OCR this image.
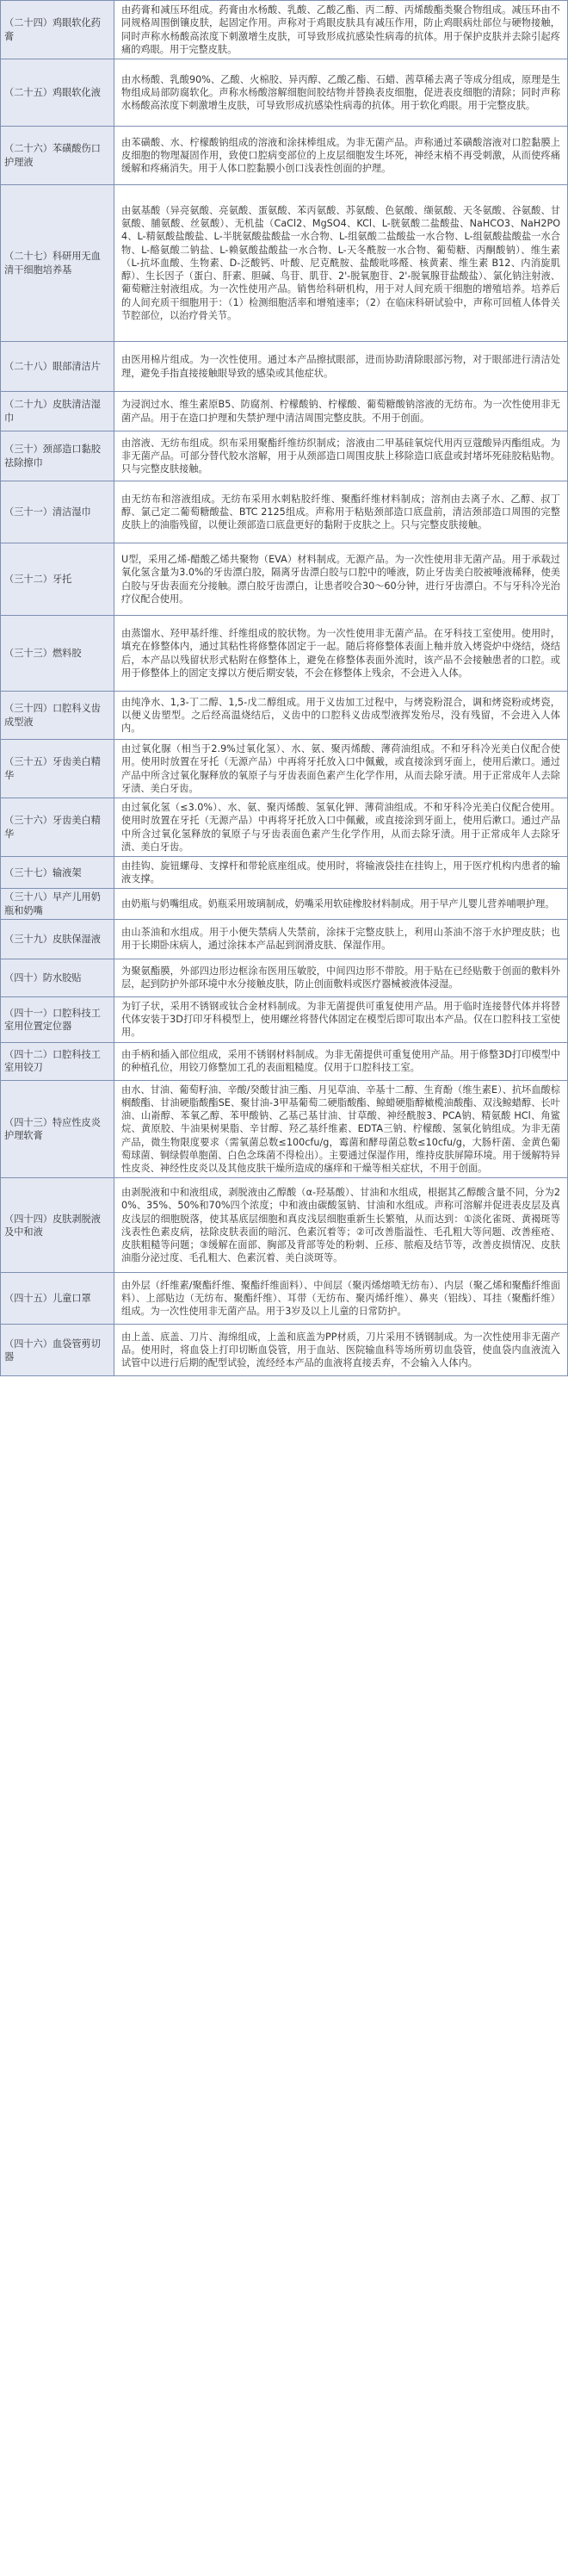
（二十四）鸡眼软化药膏	由药膏和减压环组成。药膏由水杨酸、乳酸、乙酸乙酯、丙二醇、丙烯酸酯类聚合物组成。减压环由不同规格周围倒镶皮肤，起固定作用。声称对于鸡眼皮肤具有减压作用，防止鸡眼病灶部位与硬物接触，同时声称水杨酸高浓度下刺激增生皮肤，可导致形成抗感染性病毒的抗体。用于保护皮肤并去除引起疼痛的鸡眼。用于完整皮肤。
（二十五）鸡眼软化液	由水杨酸、乳酸90%、乙酸、火棉胶、异丙醇、乙酸乙酯、石蜡、茜草稀去离子等成分组成，原理是生物组成局部防腐软化。声称水杨酸溶解细胞间胶结物并替换表皮细胞，促进表皮细胞的清除；同时声称水杨酸高浓度下刺激增生皮肤，可导致形成抗感染性病毒的抗体。用于软化鸡眼。用于完整皮肤。
（二十六）苯磺酸伤口护理液	由苯磺酸、水、柠檬酸钠组成的溶液和涂抹棒组成。为非无菌产品。声称通过苯磺酸溶液对口腔黏膜上皮细胞的物理凝固作用，致使口腔病变部位的上皮层细胞发生坏死，神经末梢不再受刺激，从而使疼痛缓解和疼痛消失。用于人体口腔黏膜小创口浅表性创面的护理。
（二十七）科研用无血清干细胞培养基	由氨基酸（异亮氨酸、亮氨酸、蛋氨酸、苯丙氨酸、苏氨酸、色氨酸、缬氨酸、天冬氨酸、谷氨酸、甘氨酸、脯氨酸、丝氨酸）、无机盐（CaCl2、MgSO4、KCl、L-胱氨酸二盐酸盐、NaHCO3、NaH2PO4、L-精氨酸盐酸盐、L-半胱氨酸盐酸盐一水合物、L-组氨酸二盐酸盐一水合物、L-组氨酸盐酸盐一水合物、L-酪氨酸二钠盐、L-赖氨酸盐酸盐一水合物、L-天冬酰胺一水合物、葡萄糖、丙酮酸钠）、维生素（L-抗坏血酸、生物素、D-泛酸钙、叶酸、尼克酰胺、盐酸吡哆醛、核黄素、维生素 B12、内消旋肌醇）、生长因子（蛋白、肝素、胆碱、鸟苷、肌苷、2'-脱氧胞苷、2'-脱氧腺苷盐酸盐）、氯化钠注射液、葡萄糖注射液组成。为一次性使用产品。销售给科研机构，用于对人间充质干细胞的增殖培养。培养后的人间充质干细胞用于：（1）检测细胞活率和增殖速率；（2）在临床科研试验中，声称可回植人体骨关节腔部位，以治疗骨关节。
（二十八）眼部清洁片	由医用棉片组成。为一次性使用。通过本产品擦拭眼部，进而协助清除眼部污物，对于眼部进行清洁处理，避免手指直接接触眼导致的感染或其他症状。
（二十九）皮肤清洁湿巾	为浸润过水、维生素原B5、防腐剂、柠檬酸钠、柠檬酸、葡萄糖酸钠溶液的无纺布。为一次性使用非无菌产品。用于在造口护理和失禁护理中清洁周围完整皮肤。不用于创面。
（三十）颈部造口黏胶祛除擦巾	由溶液、无纺布组成。织布采用聚酯纤维纺织制成；溶液由二甲基硅氧烷代用丙豆蔻酸异丙酯组成。为非无菌产品。可部分替代胶水溶解，用于从颈部造口周围皮肤上移除造口底盘或封堵坏死硅胶粘贴物。只与完整皮肤接触。
（三十一）清洁湿巾	由无纺布和溶液组成。无纺布采用水刺粘胶纤维、聚酯纤维材料制成；溶剂由去离子水、乙醇、叔丁醇、氯己定二葡萄糖酸盐、BTC 2125组成。声称用于粘贴颈部造口底盘前，清洁颈部造口周围的完整皮肤上的油脂残留，以便让颈部造口底盘更好的黏附于皮肤之上。只与完整皮肤接触。
（三十二）牙托	U型，采用乙烯-醋酸乙烯共聚物（EVA）材料制成。无源产品。为一次性使用非无菌产品。用于承载过氧化氢含量为3.0%的牙齿漂白胶，隔离牙齿漂白胶与口腔中的唾液，防止牙齿美白胶被唾液稀释，使美白胶与牙齿表面充分接触。漂白胶牙齿漂白，让患者咬合30～60分钟，进行牙齿漂白。不与牙科冷光治疗仪配合使用。
（三十三）燃料胶	由蒸馏水、羟甲基纤维、纤维组成的胶状物。为一次性使用非无菌产品。在牙科技工室使用。使用时，填充在修整体内，通过其粘性将修整体固定于一起。随后将修整体表面上釉并放入烤瓷炉中烧结，烧结后，本产品以残留状形式粘附在修整体上，避免在修整体表面外流时，该产品不会接触患者的口腔。或用于修整体上的固定支撑以方便后期安装，不会在修整体上残余，不会进入人体。
（三十四）口腔科义齿成型液	由纯净水、1,3-丁二醇、1,5-戊二醇组成。用于义齿加工过程中，与烤瓷粉混合，调和烤瓷粉或烤瓷，以便义齿塑型。之后经高温烧结后，义齿中的口腔科义齿成型液挥发殆尽，没有残留，不会进入人体内。
（三十五）牙齿美白精华	由过氧化脲（相当于2.9%过氧化氢）、水、氨、聚丙烯酸、薄荷油组成。不和牙科冷光美白仪配合使用。使用时放置在牙托（无源产品）中再将牙托放入口中佩戴，或直接涂到牙面上，使用后漱口。通过产品中所含过氧化脲释放的氧原子与牙齿表面色素产生化学作用，从而去除牙渍。用于正常成年人去除牙渍、美白牙齿。
（三十六）牙齿美白精华	由过氧化氢（≤3.0%）、水、氨、聚丙烯酸、氢氧化钾、薄荷油组成。不和牙科冷光美白仪配合使用。使用时放置在牙托（无源产品）中再将牙托放入口中佩戴，或直接涂到牙面上，使用后漱口。通过产品中所含过氧化氢释放的氧原子与牙齿表面色素产生化学作用，从而去除牙渍。用于正常成年人去除牙渍、美白牙齿。
（三十七）输液架	由挂钩、旋钮螺母、支撑杆和带轮底座组成。使用时，将输液袋挂在挂钩上，用于医疗机构内患者的输液支撑。
（三十八）早产儿用奶瓶和奶嘴	由奶瓶与奶嘴组成。奶瓶采用玻璃制成，奶嘴采用软硅橡胶材料制成。用于早产儿婴儿营养哺喂护理。
（三十九）皮肤保湿液	由山茶油和水组成。用于小便失禁病人失禁前，涂抹于完整皮肤上，利用山茶油不溶于水护理皮肤；也用于长期卧床病人，通过涂抹本产品起到润滑皮肤、保湿作用。
（四十）防水胶贴	为聚氨酯膜，外部四边形边框涂布医用压敏胶，中间四边形不带胶。用于贴在已经贴敷于创面的敷料外层，起到防护外部环境中水分接触皮肤，防止创面敷料或医疗器械被液体浸湿。
（四十一）口腔科技工室用位置定位器	为钉子状，采用不锈钢或钛合金材料制成。为非无菌提供可重复使用产品。用于临时连接替代体并将替代体安装于3D打印牙科模型上，使用螺丝将替代体固定在模型后即可取出本产品。仅在口腔科技工室使用。
（四十二）口腔科技工室用铰刀	由手柄和插入部位组成，采用不锈钢材料制成。为非无菌提供可重复使用产品。用于修整3D打印模型中的种植孔位，用铰刀修整加工孔的表面粗糙度。仅用于口腔科技工室。
（四十三）特应性皮炎护理软膏	由水、甘油、葡萄籽油、辛酸/癸酸甘油三酯、月见草油、辛基十二醇、生育酚（维生素E）、抗坏血酸棕榈酸酯、甘油硬脂酸酯SE、聚甘油-3甲基葡萄二硬脂酸酯、鲸蜡硬脂醇橄榄油酸酯、双浅鲸蜡醇、长叶油、山嵛醇、苯氧乙醇、苯甲酸钠、乙基己基甘油、甘草酸、神经酰胺3、PCA钠、精氨酸 HCl、角鲨烷、黄原胶、牛油果树果脂、辛甘醇、羟乙基纤维素、EDTA三钠、柠檬酸、氢氧化钠组成。为非无菌产品，微生物限度要求（需氧菌总数≤100cfu/g，霉菌和酵母菌总数≤10cfu/g，大肠杆菌、金黄色葡萄球菌、铜绿假单胞菌、白色念珠菌不得检出）。主要通过保湿作用，维持皮肤屏障环境。用于缓解特异性皮炎、神经性皮炎以及其他皮肤干燥所造成的瘙痒和干燥等相关症状，不用于创面。
（四十四）皮肤剥脱液及中和液	由剥脱液和中和液组成，剥脱液由乙醇酸（α-羟基酸）、甘油和水组成，根据其乙醇酸含量不同，分为20%、35%、50%和70%四个浓度；中和液由碳酸氢钠、甘油和水组成。声称可溶解并促进表皮层及真皮浅层的细胞脱落，使其基底层细胞和真皮浅层细胞重新生长繁殖，从而达到：①淡化雀斑、黄褐斑等浅表性色素皮病，祛除皮肤表面的暗沉、色素沉着等；②可改善脂溢性、毛孔粗大等问题、改善痤疮、皮肤粗糙等问题；③缓解在面部、胸部及背部等处的粉刺、丘疹、脓疱及结节等，改善皮损情况、皮肤油脂分泌过度、毛孔粗大、色素沉着、美白淡斑等。
（四十五）儿童口罩	由外层（纤维素/聚酯纤维、聚酯纤维面料）、中间层（聚丙烯熔喷无纺布）、内层（聚乙烯和聚酯纤维面料）、上部贴边（无纺布、聚酯纤维）、耳带（无纺布、聚丙烯纤维）、鼻夹（铝线）、耳挂（聚酯纤维）组成。为一次性使用非无菌产品。用于3岁及以上儿童的日常防护。
（四十六）血袋管剪切器	由上盖、底盖、刀片、海绵组成，上盖和底盖为PP材质，刀片采用不锈钢制成。为一次性使用非无菌产品。使用时，将血袋上打印切断血袋管，用于血站、医院输血科等场所剪切血袋管，使血袋内血液流入试管中以进行后期的配型试验，流经经本产品的血液将直接丢弃，不会输入人体内。
